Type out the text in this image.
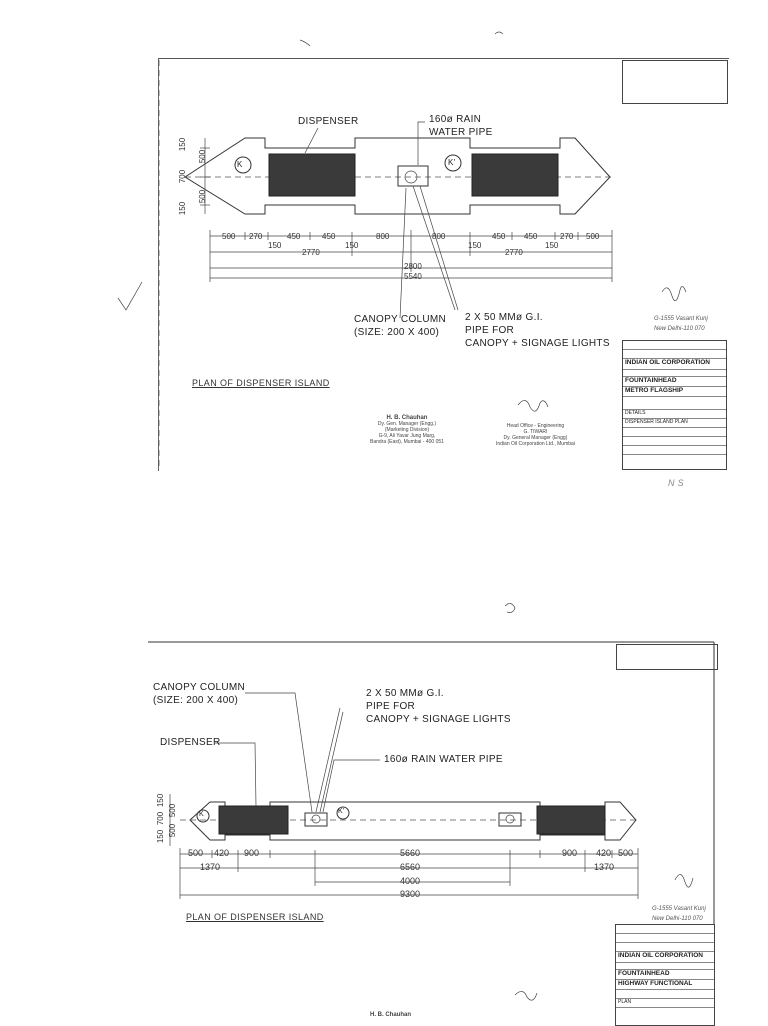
DISPENSER	160ø RAIN
WATER PIPE
K	K'
CANOPY COLUMN
(SIZE: 200 X 400)
2 X 50 MMø G.I.
PIPE FOR
CANOPY + SIGNAGE LIGHTS
150
500
700
500
150
500 270	450	450	800	800	450 450	270 500
150	150	150	150
2770	2770
2800
5540
PLAN OF DISPENSER ISLAND
G-1555 Vasant Kunj
New Delhi-110 070
INDIAN OIL CORPORATION
FOUNTAINHEAD
METRO FLAGSHIP
DETAILS
DISPENSER ISLAND PLAN
N S
H. B. Chauhan
Dy. Gen. Manager (Engg.)
(Marketing Division)
G-9, Ali Yavar Jung Marg,
Bandra (East), Mumbai - 400 051
Head Office - Engineering
G. TIWARI
Dy. General Manager (Engg)
Indian Oil Corporation Ltd., Mumbai
CANOPY COLUMN
(SIZE: 200 X 400)
2 X 50 MMø G.I.
PIPE FOR
CANOPY + SIGNAGE LIGHTS
DISPENSER
160ø RAIN WATER PIPE
K	K'
150
700
150
500
500
500 420 900	5660	900 420 500
1370	6560	1370
4000
9300
PLAN OF DISPENSER ISLAND
G-1555 Vasant Kunj
New Delhi-110 070
INDIAN OIL CORPORATION
FOUNTAINHEAD
HIGHWAY FUNCTIONAL
PLAN
H. B. Chauhan
